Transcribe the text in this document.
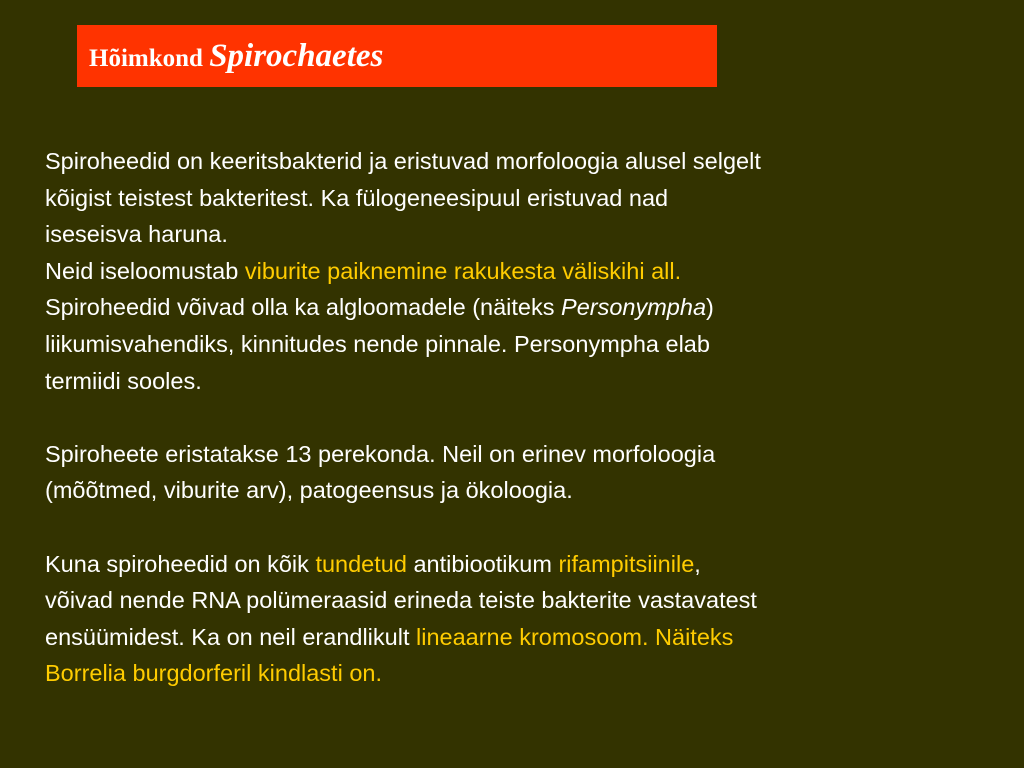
Hõimkond Spirochaetes
Spiroheedid on keeritsbakterid ja eristuvad morfoloogia alusel selgelt
kõigist teistest bakteritest. Ka fülogeneesipuul eristuvad nad
iseseisva haruna.
Neid iseloomustab viburite paiknemine rakukesta väliskihi all.
Spiroheedid võivad olla ka algloomadele (näiteks Personympha)
liikumisvahendiks, kinnitudes nende pinnale. Personympha elab
termiidi sooles.
Spiroheete eristatakse 13 perekonda. Neil on erinev morfoloogia
(mõõtmed, viburite arv), patogeensus ja ökoloogia.
Kuna spiroheedid on kõik tundetud antibiootikum rifampitsiinile,
võivad nende RNA polümeraasid erineda teiste bakterite vastavatest
ensüümidest. Ka on neil erandlikult lineaarne kromosoom. Näiteks
Borrelia burgdorferil kindlasti on.
